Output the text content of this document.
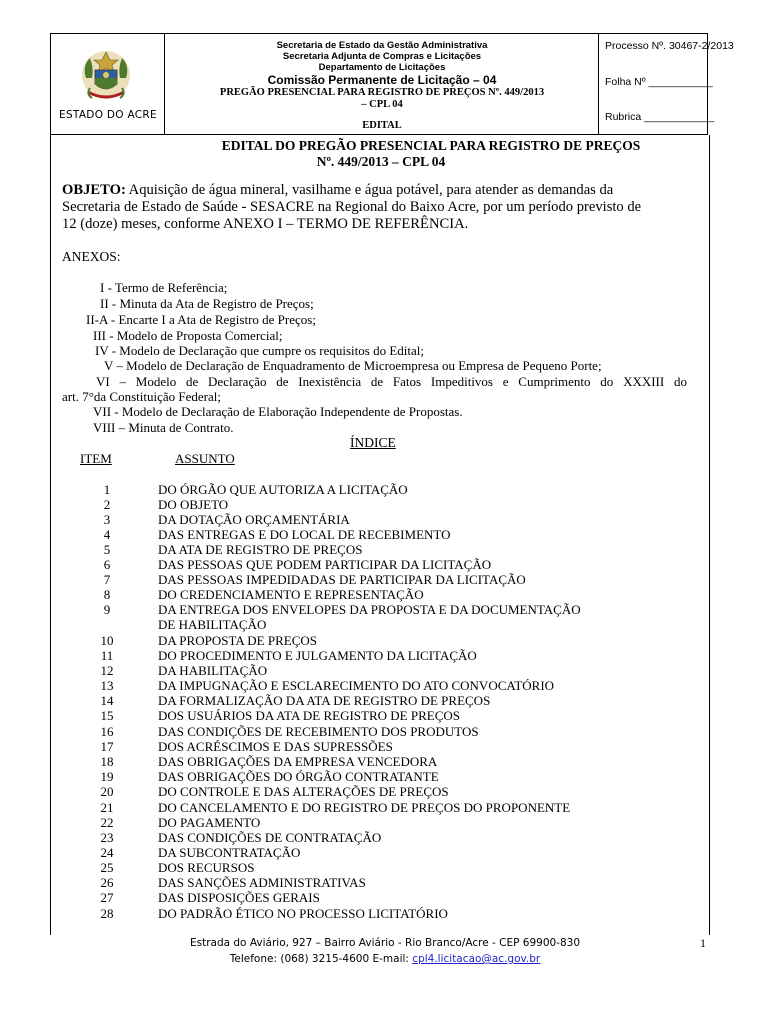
ESTADO DO ACRE
Secretaria de Estado da Gestão Administrativa
Secretaria Adjunta de Compras e Licitações
Departamento de Licitações
Comissão Permanente de Licitação – 04
PREGÃO PRESENCIAL PARA REGISTRO DE PREÇOS Nº. 449/2013
– CPL 04
EDITAL
Processo Nº. 30467-2/2013
Folha Nº ___________
Rubrica ____________
EDITAL DO PREGÃO PRESENCIAL PARA REGISTRO DE PREÇOS
Nº. 449/2013 – CPL 04
OBJETO: Aquisição de água mineral, vasilhame e água potável, para atender as demandas da
Secretaria de Estado de Saúde - SESACRE na Regional do Baixo Acre, por um período previsto de
12 (doze) meses, conforme ANEXO I – TERMO DE REFERÊNCIA.
ANEXOS:
I - Termo de Referência;
II - Minuta da Ata de Registro de Preços;
II-A - Encarte I a Ata de Registro de Preços;
III - Modelo de Proposta Comercial;
IV - Modelo de Declaração que cumpre os requisitos do Edital;
V – Modelo de Declaração de Enquadramento de Microempresa ou Empresa de Pequeno Porte;
VI – Modelo de Declaração de Inexistência de Fatos Impeditivos e Cumprimento do XXXIII do
art. 7°da Constituição Federal;
VII - Modelo de Declaração de Elaboração Independente de Propostas.
VIII – Minuta de Contrato.
ÍNDICE
ITEM	ASSUNTO
1	DO ÓRGÃO QUE AUTORIZA A LICITAÇÃO
2	DO OBJETO
3	DA DOTAÇÃO ORÇAMENTÁRIA
4	DAS ENTREGAS E DO LOCAL DE RECEBIMENTO
5	DA ATA DE REGISTRO DE PREÇOS
6	DAS PESSOAS QUE PODEM PARTICIPAR DA LICITAÇÃO
7	DAS PESSOAS IMPEDIDADAS DE PARTICIPAR DA LICITAÇÃO
8	DO CREDENCIAMENTO E REPRESENTAÇÃO
9	DA ENTREGA DOS ENVELOPES DA PROPOSTA E DA DOCUMENTAÇÃO
DE HABILITAÇÃO
10	DA PROPOSTA DE PREÇOS
11	DO PROCEDIMENTO E JULGAMENTO DA LICITAÇÃO
12	DA HABILITAÇÃO
13	DA IMPUGNAÇÃO E ESCLARECIMENTO DO ATO CONVOCATÓRIO
14	DA FORMALIZAÇÃO DA ATA DE REGISTRO DE PREÇOS
15	DOS USUÁRIOS DA ATA DE REGISTRO DE PREÇOS
16	DAS CONDIÇÕES DE RECEBIMENTO DOS PRODUTOS
17	DOS ACRÉSCIMOS E DAS SUPRESSÕES
18	DAS OBRIGAÇÕES DA EMPRESA VENCEDORA
19	DAS OBRIGAÇÕES DO ÓRGÃO CONTRATANTE
20	DO CONTROLE E DAS ALTERAÇÕES DE PREÇOS
21	DO CANCELAMENTO E DO REGISTRO DE PREÇOS DO PROPONENTE
22	DO PAGAMENTO
23	DAS CONDIÇÕES DE CONTRATAÇÃO
24	DA SUBCONTRATAÇÃO
25	DOS RECURSOS
26	DAS SANÇÕES ADMINISTRATIVAS
27	DAS DISPOSIÇÕES GERAIS
28	DO PADRÃO ÉTICO NO PROCESSO LICITATÓRIO
Estrada do Aviário, 927 – Bairro Aviário - Rio Branco/Acre - CEP 69900-830
Telefone: (068) 3215-4600 E-mail: cpl4.licitacao@ac.gov.br
1
